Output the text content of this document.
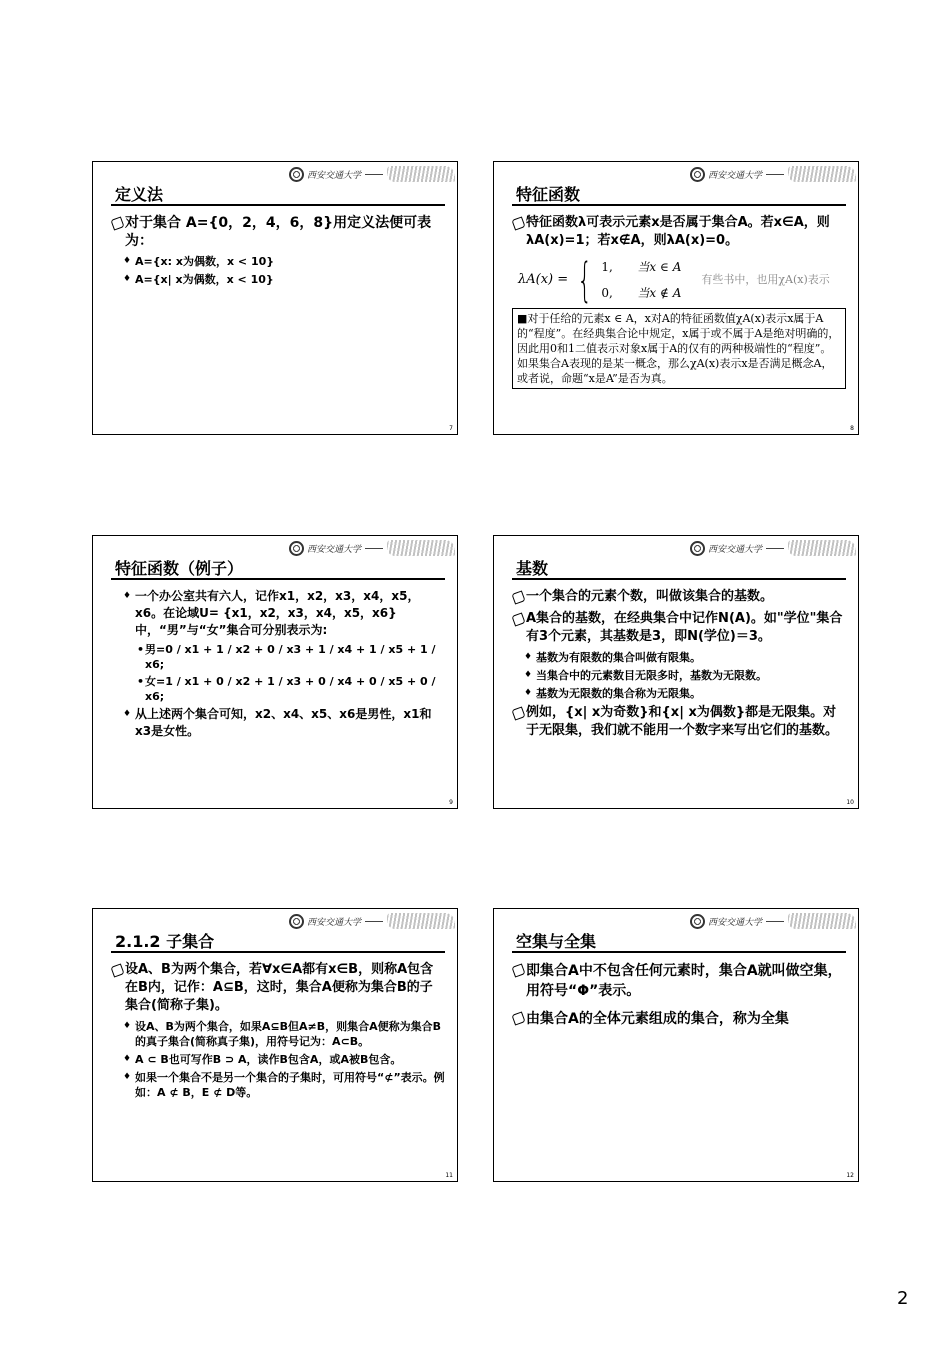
西安交通大学
定义法
对于集合 A={0，2，4，6，8}用定义法便可表为：
♦ A={x: x为偶数，x < 10}
♦ A={x| x为偶数，x < 10}
7
西安交通大学
特征函数
特征函数λ可表示元素x是否属于集合A。若x∈A，则λA(x)=1；若x∉A，则λA(x)=0。
λA(x) = { 1, 当x ∈ A
0, 当x ∉ A
有些书中，也用χA(x)表示
■对于任给的元素x ∈ A，x对A的特征函数值χA(x)表示x属于A的“程度”。在经典集合论中规定，x属于或不属于A是绝对明确的，因此用0和1二值表示对象x属于A的仅有的两种极端性的“程度”。如果集合A表现的是某一概念，那么χA(x)表示x是否满足概念A，或者说，命题“x是A”是否为真。
8
西安交通大学
特征函数（例子）
♦ 一个办公室共有六人，记作x1，x2，x3，x4，x5，x6。在论域U= {x1，x2，x3，x4，x5，x6}中，“男”与“女”集合可分别表示为:
• 男=0 / x1 + 1 / x2 + 0 / x3 + 1 / x4 + 1 / x5 + 1 / x6;
• 女=1 / x1 + 0 / x2 + 1 / x3 + 0 / x4 + 0 / x5 + 0 / x6;
♦ 从上述两个集合可知，x2、x4、x5、x6是男性，x1和x3是女性。
9
西安交通大学
基数
一个集合的元素个数，叫做该集合的基数。
A集合的基数，在经典集合中记作N(A)。如"学位"集合有3个元素，其基数是3，即N(学位)＝3。
♦ 基数为有限数的集合叫做有限集。
♦ 当集合中的元素数目无限多时，基数为无限数。
♦ 基数为无限数的集合称为无限集。
例如，{x| x为奇数}和{x| x为偶数}都是无限集。对于无限集，我们就不能用一个数字来写出它们的基数。
10
西安交通大学
2.1.2 子集合
设A、B为两个集合，若∀x∈A都有x∈B，则称A包含在B内，记作：A⊆B，这时，集合A便称为集合B的子集合(简称子集)。
♦ 设A、B为两个集合，如果A⊆B但A≠B，则集合A便称为集合B的真子集合(简称真子集)，用符号记为：A⊂B。
♦ A ⊂ B也可写作B ⊃ A，读作B包含A，或A被B包含。
♦ 如果一个集合不是另一个集合的子集时，可用符号“⊄”表示。例如：A ⊄ B，E ⊄ D等。
11
西安交通大学
空集与全集
即集合A中不包含任何元素时，集合A就叫做空集，用符号“Φ”表示。
由集合A的全体元素组成的集合，称为全集
12
2
